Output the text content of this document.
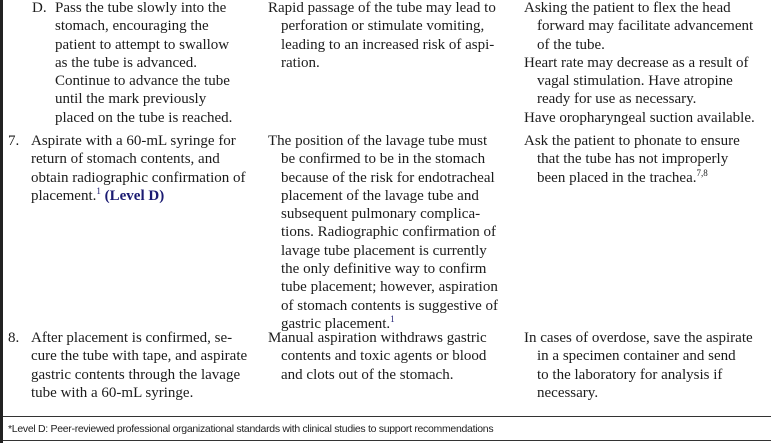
D. Pass the tube slowly into the
stomach, encouraging the
patient to attempt to swallow
as the tube is advanced.
Continue to advance the tube
until the mark previously
placed on the tube is reached.
Rapid passage of the tube may lead to
perforation or stimulate vomiting,
leading to an increased risk of aspi-
ration.
Asking the patient to flex the head
forward may facilitate advancement
of the tube.
Heart rate may decrease as a result of
vagal stimulation. Have atropine
ready for use as necessary.
Have oropharyngeal suction available.
7. Aspirate with a 60-mL syringe for
return of stomach contents, and
obtain radiographic confirmation of
placement.$^1$ (Level D)
The position of the lavage tube must
be confirmed to be in the stomach
because of the risk for endotracheal
placement of the lavage tube and
subsequent pulmonary complica-
tions. Radiographic confirmation of
lavage tube placement is currently
the only definitive way to confirm
tube placement; however, aspiration
of stomach contents is suggestive of
gastric placement.$^1$
Ask the patient to phonate to ensure
that the tube has not improperly
been placed in the trachea.$^{7,8}$
8. After placement is confirmed, se-
cure the tube with tape, and aspirate
gastric contents through the lavage
tube with a 60-mL syringe.
Manual aspiration withdraws gastric
contents and toxic agents or blood
and clots out of the stomach.
In cases of overdose, save the aspirate
in a specimen container and send
to the laboratory for analysis if
necessary.
*Level D: Peer-reviewed professional organizational standards with clinical studies to support recommendations
